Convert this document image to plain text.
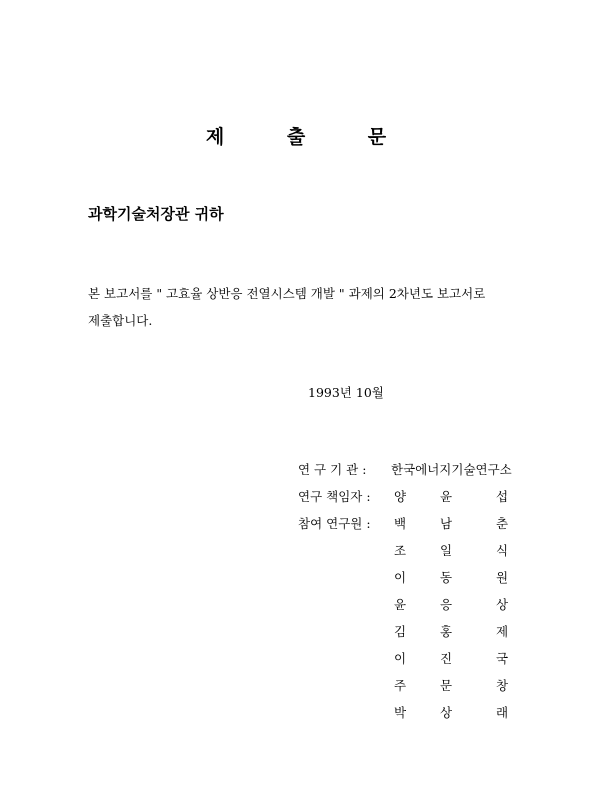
제 출 문
과학기술처장관 귀하
본 보고서를 " 고효율 상반응 전열시스템 개발 " 과제의 2차년도 보고서로
제출합니다.
1993년 10월
연 구 기 관 : 한국에너지기술연구소
연구 책임자 : 양	윤	섭
참여 연구원 : 백	남	춘
조	일	식
이	동	원
윤	응	상
김	홍	제
이	진	국
주	문	창
박	상	래
